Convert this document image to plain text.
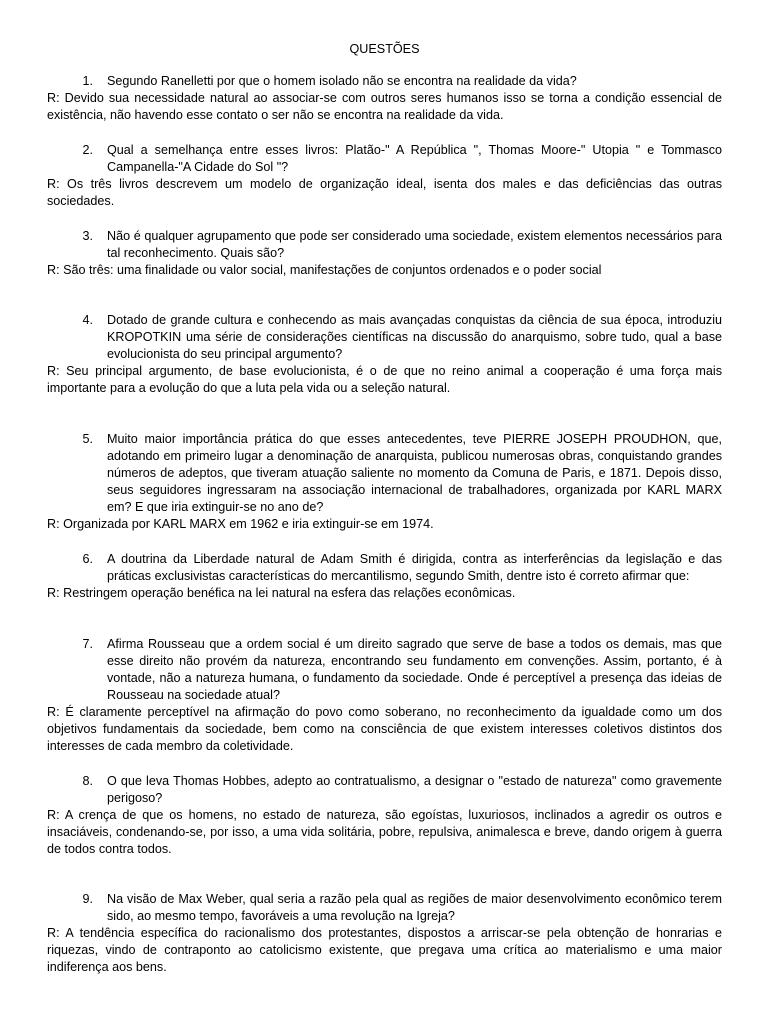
QUESTÕES
1. Segundo Ranelletti por que o homem isolado não se encontra na realidade da vida?
R: Devido sua necessidade natural ao associar-se com outros seres humanos isso se torna a condição essencial de existência, não havendo esse contato o ser não se encontra na realidade da vida.
2. Qual a semelhança entre esses livros: Platão-" A República ", Thomas Moore-" Utopia " e Tommasco Campanella-"A Cidade do Sol "?
R: Os três livros descrevem um modelo de organização ideal, isenta dos males e das deficiências das outras sociedades.
3. Não é qualquer agrupamento que pode ser considerado uma sociedade, existem elementos necessários para tal reconhecimento. Quais são?
R: São três: uma finalidade ou valor social, manifestações de conjuntos ordenados e o poder social
4. Dotado de grande cultura e conhecendo as mais avançadas conquistas da ciência de sua época, introduziu KROPOTKIN uma série de considerações científicas na discussão do anarquismo, sobre tudo, qual a base evolucionista do seu principal argumento?
R: Seu principal argumento, de base evolucionista, é o de que no reino animal a cooperação é uma força mais importante para a evolução do que a luta pela vida ou a seleção natural.
5. Muito maior importância prática do que esses antecedentes, teve PIERRE JOSEPH PROUDHON, que, adotando em primeiro lugar a denominação de anarquista, publicou numerosas obras, conquistando grandes números de adeptos, que tiveram atuação saliente no momento da Comuna de Paris, e 1871. Depois disso, seus seguidores ingressaram na associação internacional de trabalhadores, organizada por KARL MARX em? E que iria extinguir-se no ano de?
R: Organizada por KARL MARX em 1962 e iria extinguir-se em 1974.
6. A doutrina da Liberdade natural de Adam Smith é dirigida, contra as interferências da legislação e das práticas exclusivistas características do mercantilismo, segundo Smith, dentre isto é correto afirmar que:
R: Restringem operação benéfica na lei natural na esfera das relações econômicas.
7. Afirma Rousseau que a ordem social é um direito sagrado que serve de base a todos os demais, mas que esse direito não provém da natureza, encontrando seu fundamento em convenções. Assim, portanto, é à vontade, não a natureza humana, o fundamento da sociedade. Onde é perceptível a presença das ideias de Rousseau na sociedade atual?
R: É claramente perceptível na afirmação do povo como soberano, no reconhecimento da igualdade como um dos objetivos fundamentais da sociedade, bem como na consciência de que existem interesses coletivos distintos dos interesses de cada membro da coletividade.
8. O que leva Thomas Hobbes, adepto ao contratualismo, a designar o "estado de natureza" como gravemente perigoso?
R: A crença de que os homens, no estado de natureza, são egoístas, luxuriosos, inclinados a agredir os outros e insaciáveis, condenando-se, por isso, a uma vida solitária, pobre, repulsiva, animalesca e breve, dando origem à guerra de todos contra todos.
9. Na visão de Max Weber, qual seria a razão pela qual as regiões de maior desenvolvimento econômico terem sido, ao mesmo tempo, favoráveis a uma revolução na Igreja?
R: A tendência específica do racionalismo dos protestantes, dispostos a arriscar-se pela obtenção de honrarias e riquezas, vindo de contraponto ao catolicismo existente, que pregava uma crítica ao materialismo e uma maior indiferença aos bens.
